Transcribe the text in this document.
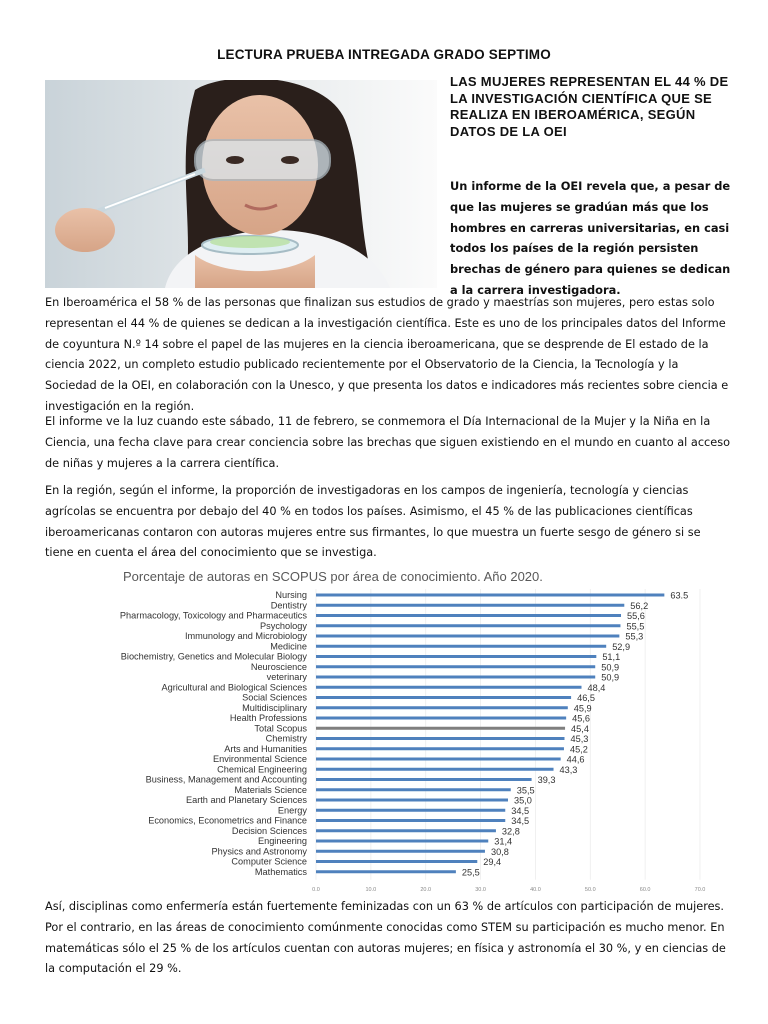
LECTURA PRUEBA INTREGADA GRADO SEPTIMO
LAS MUJERES REPRESENTAN EL 44 % DE LA INVESTIGACIÓN CIENTÍFICA QUE SE REALIZA EN IBEROAMÉRICA, SEGÚN DATOS DE LA OEI
Un informe de la OEI revela que, a pesar de que las mujeres se gradúan más que los hombres en carreras universitarias, en casi todos los países de la región persisten brechas de género para quienes se dedican a la carrera investigadora.
En Iberoamérica el 58 % de las personas que finalizan sus estudios de grado y maestrías son mujeres, pero estas solo representan el 44 % de quienes se dedican a la investigación científica. Este es uno de los principales datos del Informe de coyuntura N.º 14 sobre el papel de las mujeres en la ciencia iberoamericana, que se desprende de El estado de la ciencia 2022, un completo estudio publicado recientemente por el Observatorio de la Ciencia, la Tecnología y la Sociedad de la OEI, en colaboración con la Unesco, y que presenta los datos e indicadores más recientes sobre ciencia e investigación en la región.
El informe ve la luz cuando este sábado, 11 de febrero, se conmemora el Día Internacional de la Mujer y la Niña en la Ciencia, una fecha clave para crear conciencia sobre las brechas que siguen existiendo en el mundo en cuanto al acceso de niñas y mujeres a la carrera científica.
En la región, según el informe, la proporción de investigadoras en los campos de ingeniería, tecnología y ciencias agrícolas se encuentra por debajo del 40 % en todos los países. Asimismo, el 45 % de las publicaciones científicas iberoamericanas contaron con autoras mujeres entre sus firmantes, lo que muestra un fuerte sesgo de género si se tiene en cuenta el área del conocimiento que se investiga.
Porcentaje de autoras en SCOPUS por área de conocimiento. Año 2020.
Nursing
Dentistry
Pharmacology, Toxicology and Pharmaceutics
Psychology
Immunology and Microbiology
Medicine
Biochemistry, Genetics and Molecular Biology
Neuroscience
veterinary
Agricultural and Biological Sciences
Social Sciences
Multidisciplinary
Health Professions
Total Scopus
Chemistry
Arts and Humanities
Environmental Science
Chemical Engineering
Business, Management and Accounting
Materials Science
Earth and Planetary Sciences
Energy
Economics, Econometrics and Finance
Decision Sciences
Engineering
Physics and Astronomy
Computer Science
Mathematics
63.5
56,2
55,6
55,5
55,3
52,9
51,1
50,9
50,9
48,4
46,5
45,9
45,6
45,4
45,3
45,2
44,6
43,3
39,3
35,5
35,0
34,5
34,5
32,8
31,4
30,8
29,4
25,5
0.0	10.0	20.0	30.0	40.0	50.0	60.0	70.0
Así, disciplinas como enfermería están fuertemente feminizadas con un 63 % de artículos con participación de mujeres. Por el contrario, en las áreas de conocimiento comúnmente conocidas como STEM su participación es mucho menor. En matemáticas sólo el 25 % de los artículos cuentan con autoras mujeres; en física y astronomía el 30 %, y en ciencias de la computación el 29 %.
